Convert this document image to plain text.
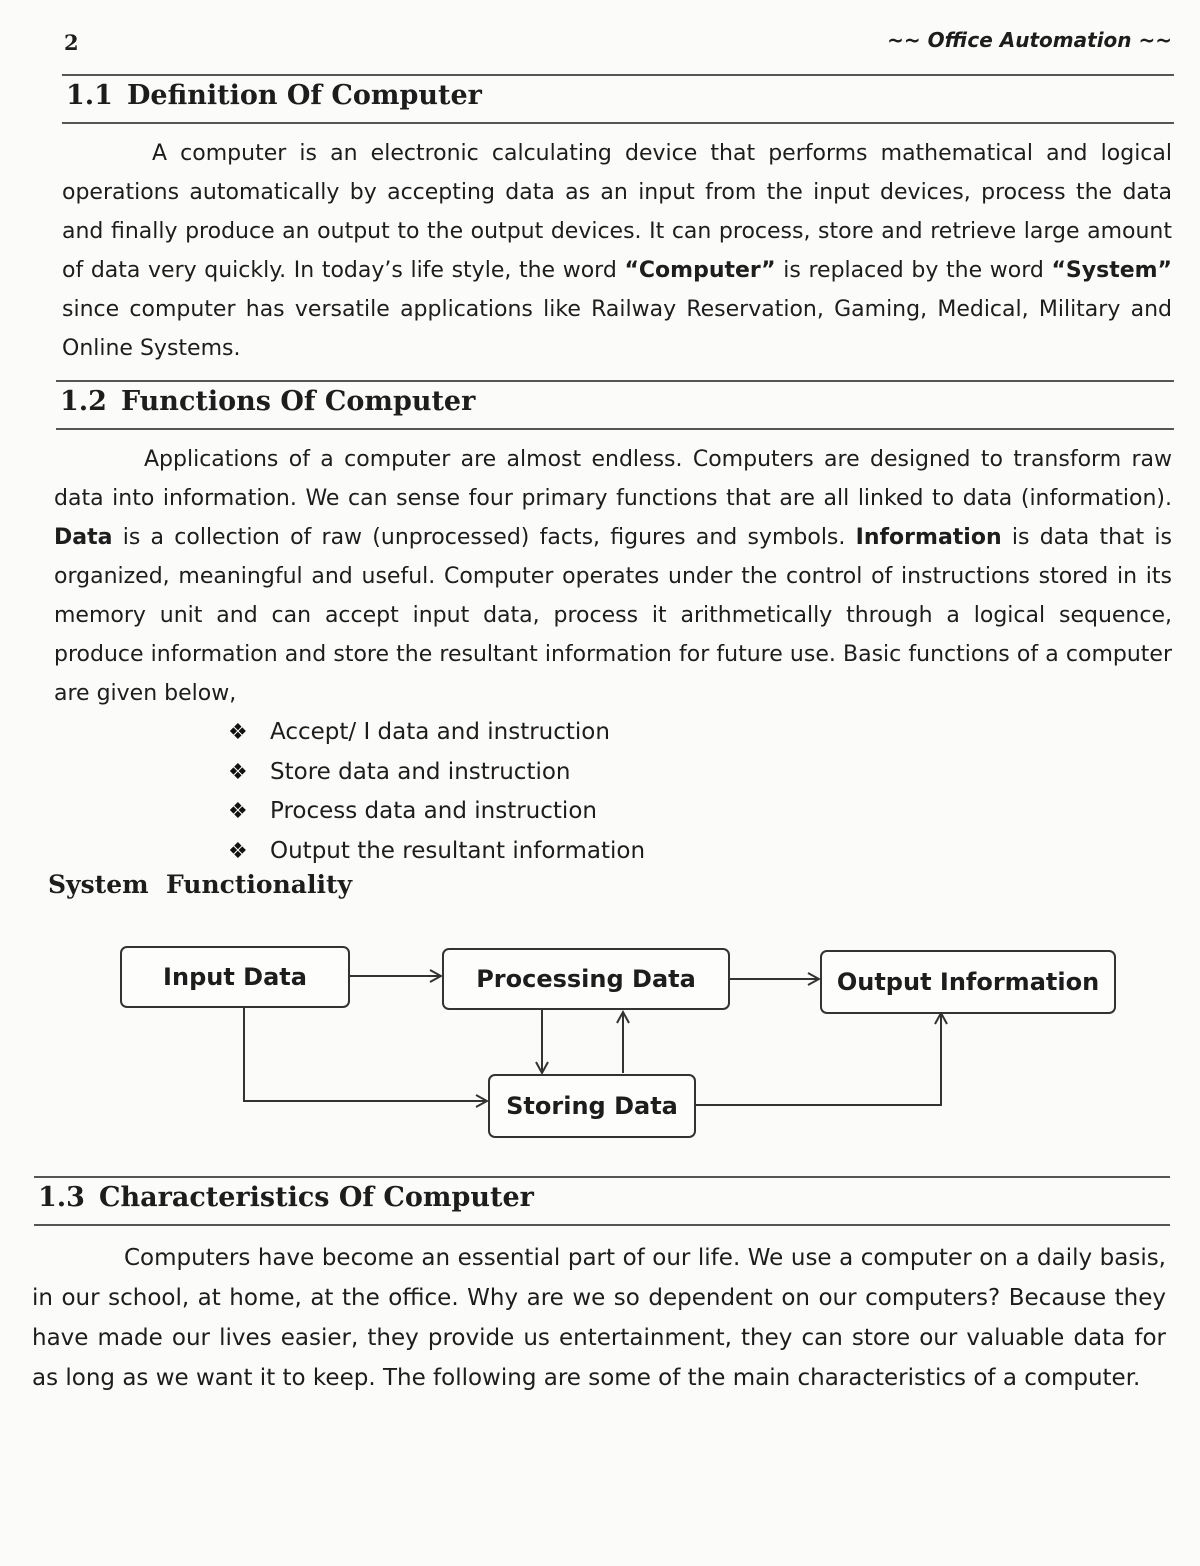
2	~~ Office Automation ~~
1.1 Definition Of Computer

A computer is an electronic calculating device that performs mathematical and logical operations automatically by accepting data as an input from the input devices, process the data and finally produce an output to the output devices. It can process, store and retrieve large amount of data very quickly. In today’s life style, the word “Computer” is replaced by the word “System” since computer has versatile applications like Railway Reservation, Gaming, Medical, Military and Online Systems.

1.2 Functions Of Computer

Applications of a computer are almost endless. Computers are designed to transform raw data into information. We can sense four primary functions that are all linked to data (information). Data is a collection of raw (unprocessed) facts, figures and symbols. Information is data that is organized, meaningful and useful. Computer operates under the control of instructions stored in its memory unit and can accept input data, process it arithmetically through a logical sequence, produce information and store the resultant information for future use. Basic functions of a computer are given below,

❖ Accept/ I data and instruction
❖ Store data and instruction
❖ Process data and instruction
❖ Output the resultant information
System  Functionality
Input Data	Processing Data	Output Information
Storing Data
1.3 Characteristics Of Computer

Computers have become an essential part of our life. We use a computer on a daily basis, in our school, at home, at the office. Why are we so dependent on our computers? Because they have made our lives easier, they provide us entertainment, they can store our valuable data for as long as we want it to keep. The following are some of the main characteristics of a computer.
